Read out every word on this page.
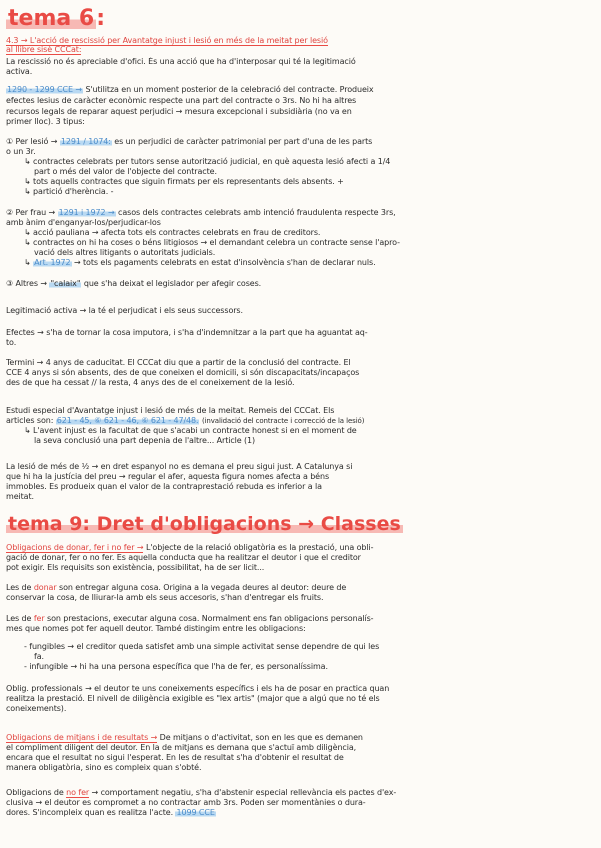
tema 6:
4.3 → L'acció de rescissió per Avantatge injust i lesió en més de la meitat per lesió
al llibre sisè CCCat:
La rescissió no és apreciable d'ofici. És una acció que ha d'interposar qui té la legitimació
activa.
1290 - 1299 CCE → S'utilitza en un moment posterior de la celebració del contracte. Produeix
efectes lesius de caràcter econòmic respecte una part del contracte o 3rs. No hi ha altres
recursos legals de reparar aquest perjudici → mesura excepcional i subsidiària (no va en
primer lloc). 3 tipus:
① Per lesió → 1291 / 1074: es un perjudici de caràcter patrimonial per part d'una de les parts
o un 3r.
↳ contractes celebrats per tutors sense autorització judicial, en què aquesta lesió afecti a 1/4
part o més del valor de l'objecte del contracte.
↳ tots aquells contractes que siguin firmats per els representants dels absents. +
↳ partició d'herència. -
② Per frau → 1291 i 1972 → casos dels contractes celebrats amb intenció fraudulenta respecte 3rs,
amb ànim d'enganyar-los/perjudicar-los
↳ acció pauliana → afecta tots els contractes celebrats en frau de creditors.
↳ contractes on hi ha coses o béns litigiosos → el demandant celebra un contracte sense l'apro-
vació dels altres litigants o autoritats judicials.
↳ Art. 1972 → tots els pagaments celebrats en estat d'insolvència s'han de declarar nuls.
③ Altres → "calaix" que s'ha deixat el legislador per afegir coses.
Legitimació activa → la té el perjudicat i els seus successors.
Efectes → s'ha de tornar la cosa imputora, i s'ha d'indemnitzar a la part que ha aguantat aq-
to.
Termini → 4 anys de caducitat. El CCCat diu que a partir de la conclusió del contracte. El
CCE 4 anys si són absents, des de que coneixen el domicili, si són discapacitats/incapaços
des de que ha cessat // la resta, 4 anys des de el coneixement de la lesió.
Estudi especial d'Avantatge injust i lesió de més de la meitat. Remeis del CCCat. Els
articles son: 621 - 45, ⑥ 621 - 46, ⑥ 621 - 47/48. (invalidació del contracte i correcció de la lesió)
↳ L'avent injust es la facultat de que s'acabi un contracte honest si en el moment de
la seva conclusió una part depenia de l'altre... Article (1)
La lesió de més de ½ → en dret espanyol no es demana el preu sigui just. A Catalunya si
que hi ha la justícia del preu → regular el afer, aquesta figura nomes afecta a béns
immobles. Es produeix quan el valor de la contraprestació rebuda es inferior a la
meitat.
tema 9: Dret d'obligacions → Classes
Obligacions de donar, fer i no fer → L'objecte de la relació obligatòria es la prestació, una obli-
gació de donar, fer o no fer. Es aquella conducta que ha realitzar el deutor i que el creditor
pot exigir. Els requisits son existència, possibilitat, ha de ser licit...
Les de donar son entregar alguna cosa. Origina a la vegada deures al deutor: deure de
conservar la cosa, de lliurar-la amb els seus accesoris, s'han d'entregar els fruits.
Les de fer son prestacions, executar alguna cosa. Normalment ens fan obligacions personalís-
mes que nomes pot fer aquell deutor. També distingim entre les obligacions:
- fungibles → el creditor queda satisfet amb una simple activitat sense dependre de qui les
fa.
- infungible → hi ha una persona específica que l'ha de fer, es personalíssima.
Oblig. professionals → el deutor te uns coneixements específics i els ha de posar en practica quan
realitza la prestació. El nivell de diligència exigible es "lex artis" (major que a algú que no té els
coneixements).
Obligacions de mitjans i de resultats → De mitjans o d'activitat, son en les que es demanen
el compliment diligent del deutor. En la de mitjans es demana que s'actuï amb diligència,
encara que el resultat no sigui l'esperat. En les de resultat s'ha d'obtenir el resultat de
manera obligatòria, sino es compleix quan s'obté.
Obligacions de no fer → comportament negatiu, s'ha d'abstenir especial rellevància els pactes d'ex-
clusiva → el deutor es compromet a no contractar amb 3rs. Poden ser momentànies o dura-
dores. S'incompleix quan es realitza l'acte. 1099 CCE
